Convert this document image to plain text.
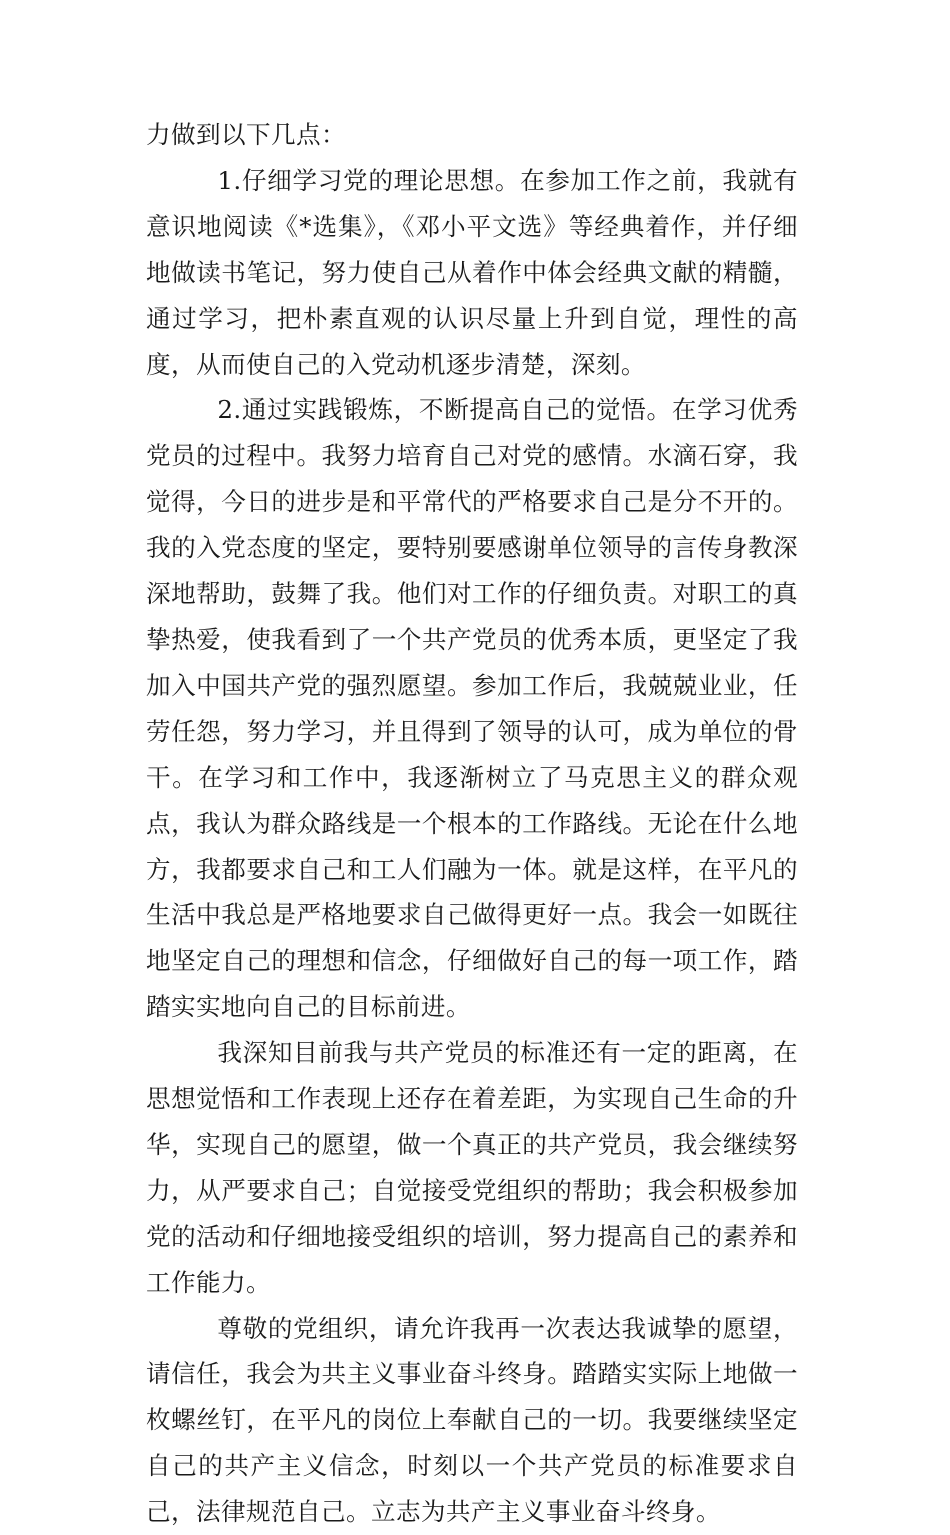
力做到以下几点：

1.仔细学习党的理论思想。在参加工作之前，我就有意识地阅读《*选集》，《邓小平文选》等经典着作，并仔细地做读书笔记，努力使自己从着作中体会经典文献的精髓，通过学习，把朴素直观的认识尽量上升到自觉，理性的高度，从而使自己的入党动机逐步清楚，深刻。

2.通过实践锻炼，不断提高自己的觉悟。在学习优秀党员的过程中。我努力培育自己对党的感情。水滴石穿，我觉得，今日的进步是和平常代的严格要求自己是分不开的。我的入党态度的坚定，要特别要感谢单位领导的言传身教深深地帮助，鼓舞了我。他们对工作的仔细负责。对职工的真挚热爱，使我看到了一个共产党员的优秀本质，更坚定了我加入中国共产党的强烈愿望。参加工作后，我兢兢业业，任劳任怨，努力学习，并且得到了领导的认可，成为单位的骨干。在学习和工作中，我逐渐树立了马克思主义的群众观点，我认为群众路线是一个根本的工作路线。无论在什么地方，我都要求自己和工人们融为一体。就是这样，在平凡的生活中我总是严格地要求自己做得更好一点。我会一如既往地坚定自己的理想和信念，仔细做好自己的每一项工作，踏踏实实地向自己的目标前进。

我深知目前我与共产党员的标准还有一定的距离，在思想觉悟和工作表现上还存在着差距，为实现自己生命的升华，实现自己的愿望，做一个真正的共产党员，我会继续努力，从严要求自己；自觉接受党组织的帮助；我会积极参加党的活动和仔细地接受组织的培训，努力提高自己的素养和工作能力。

尊敬的党组织，请允许我再一次表达我诚挚的愿望，请信任，我会为共主义事业奋斗终身。踏踏实实际上地做一枚螺丝钉，在平凡的岗位上奉献自己的一切。我要继续坚定自己的共产主义信念，时刻以一个共产党员的标准要求自己，法律规范自己。立志为共产主义事业奋斗终身。
